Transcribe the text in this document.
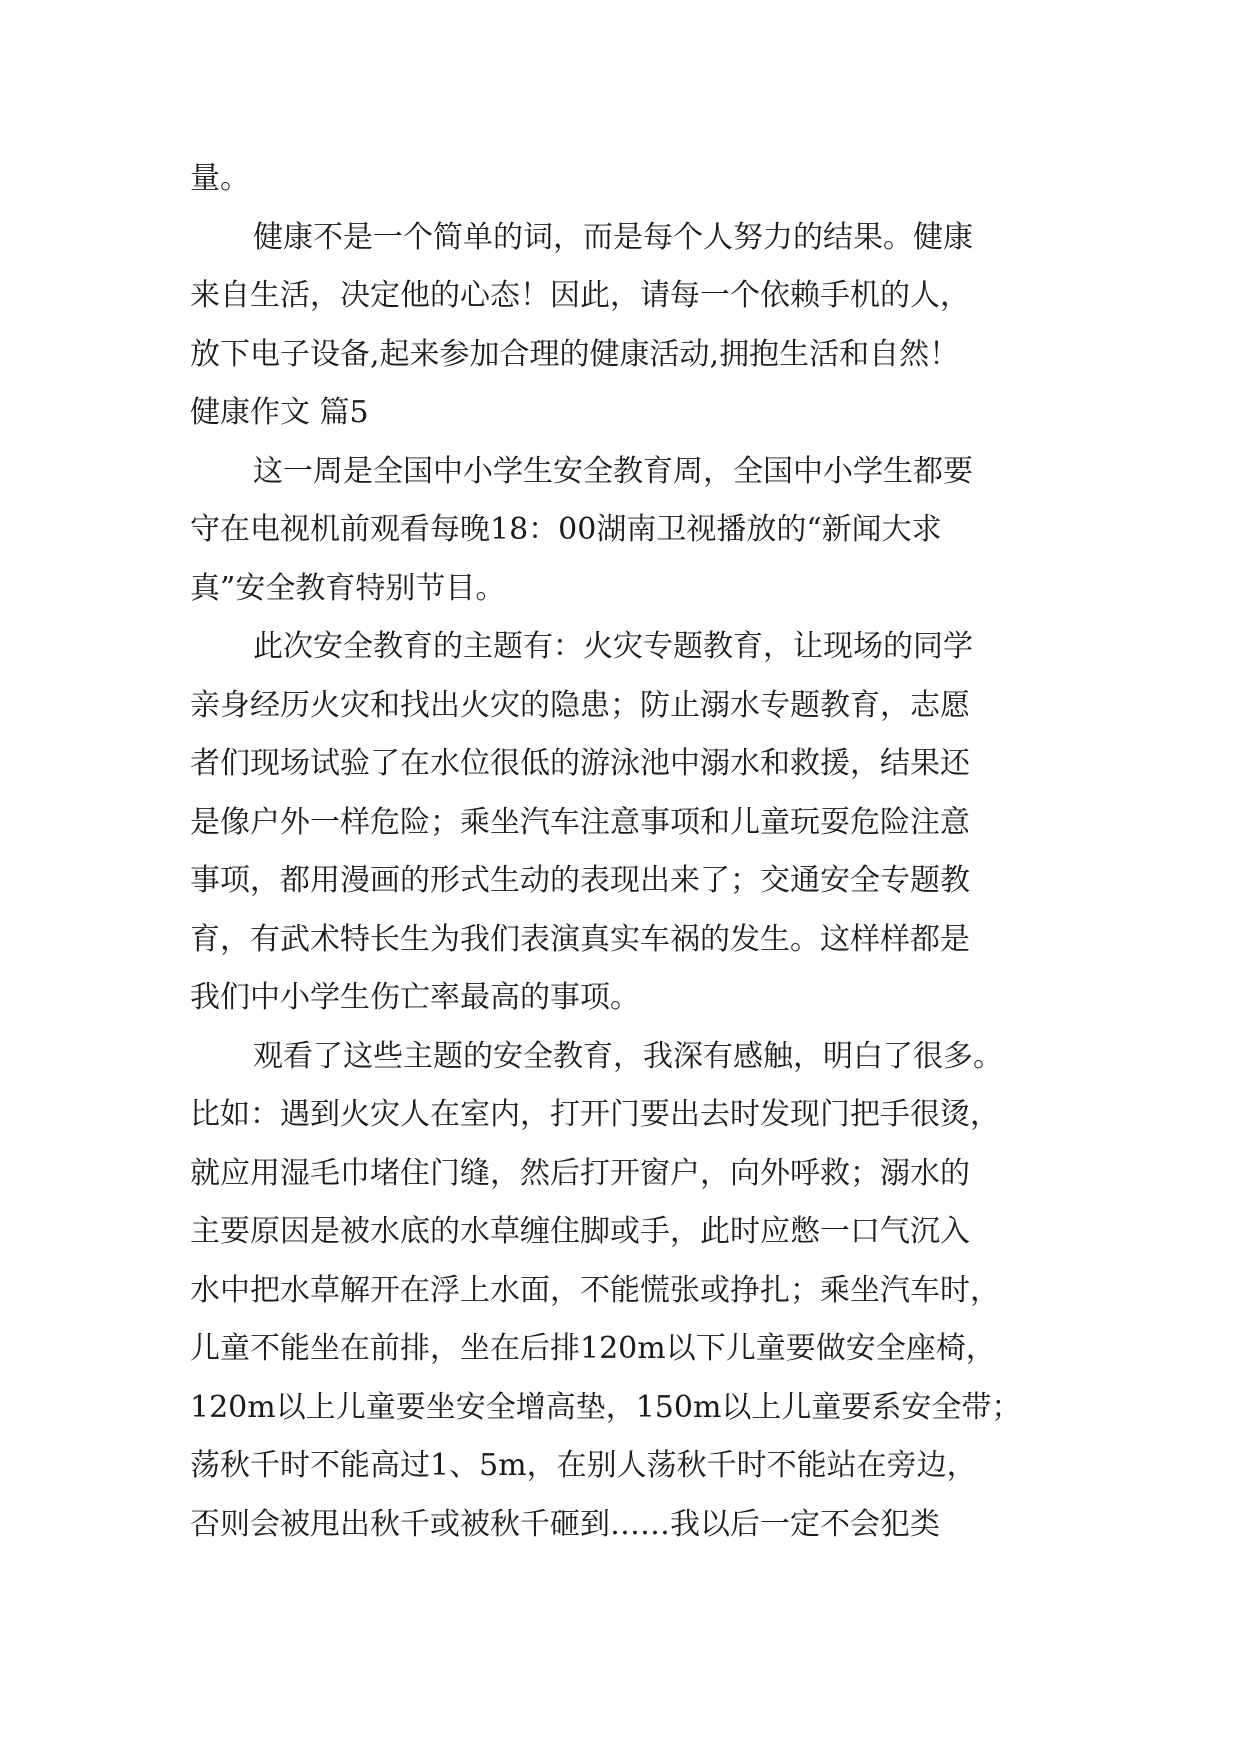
量。
健康不是一个简单的词，而是每个人努力的结果。健康
来自生活，决定他的心态！因此，请每一个依赖手机的人，
放下电子设备,起来参加合理的健康活动,拥抱生活和自然！
健康作文 篇5
这一周是全国中小学生安全教育周，全国中小学生都要
守在电视机前观看每晚18：00湖南卫视播放的“新闻大求
真”安全教育特别节目。
此次安全教育的主题有：火灾专题教育，让现场的同学
亲身经历火灾和找出火灾的隐患；防止溺水专题教育，志愿
者们现场试验了在水位很低的游泳池中溺水和救援，结果还
是像户外一样危险；乘坐汽车注意事项和儿童玩耍危险注意
事项，都用漫画的形式生动的表现出来了；交通安全专题教
育，有武术特长生为我们表演真实车祸的发生。这样样都是
我们中小学生伤亡率最高的事项。
观看了这些主题的安全教育，我深有感触，明白了很多。
比如：遇到火灾人在室内，打开门要出去时发现门把手很烫，
就应用湿毛巾堵住门缝，然后打开窗户，向外呼救；溺水的
主要原因是被水底的水草缠住脚或手，此时应憋一口气沉入
水中把水草解开在浮上水面，不能慌张或挣扎；乘坐汽车时，
儿童不能坐在前排，坐在后排120m以下儿童要做安全座椅，
120m以上儿童要坐安全增高垫，150m以上儿童要系安全带；
荡秋千时不能高过1、5m，在别人荡秋千时不能站在旁边，
否则会被甩出秋千或被秋千砸到……我以后一定不会犯类
